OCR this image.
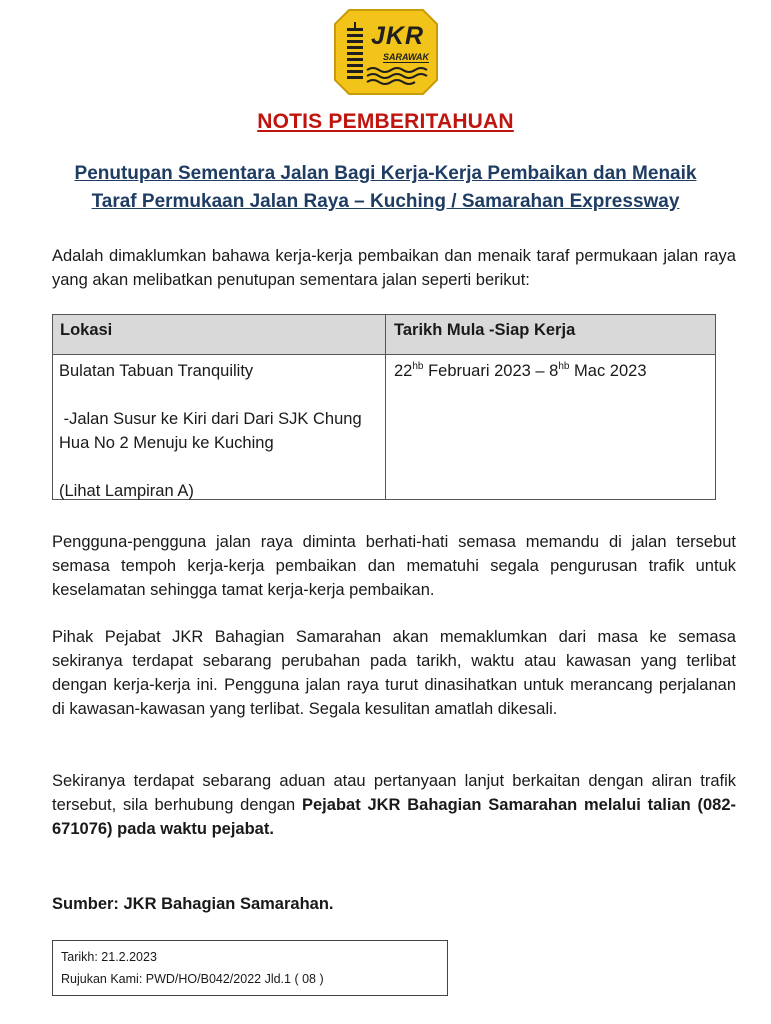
JKR
SARAWAK
NOTIS PEMBERITAHUAN
Penutupan Sementara Jalan Bagi Kerja-Kerja Pembaikan dan Menaik
Taraf Permukaan Jalan Raya – Kuching / Samarahan Expressway
Adalah dimaklumkan bahawa kerja-kerja pembaikan dan menaik taraf permukaan jalan raya yang akan melibatkan penutupan sementara jalan seperti berikut:
Lokasi	Tarikh Mula -Siap Kerja
Bulatan Tabuan Tranquility
-Jalan Susur ke Kiri dari Dari SJK Chung Hua No 2 Menuju ke Kuching
(Lihat Lampiran A)
$22^{hb}$ Februari $2023 - 8^{hb}$ Mac 2023
Pengguna-pengguna jalan raya diminta berhati-hati semasa memandu di jalan tersebut semasa tempoh kerja-kerja pembaikan dan mematuhi segala pengurusan trafik untuk keselamatan sehingga tamat kerja-kerja pembaikan.
Pihak Pejabat JKR Bahagian Samarahan akan memaklumkan dari masa ke semasa sekiranya terdapat sebarang perubahan pada tarikh, waktu atau kawasan yang terlibat dengan kerja-kerja ini. Pengguna jalan raya turut dinasihatkan untuk merancang perjalanan di kawasan-kawasan yang terlibat. Segala kesulitan amatlah dikesali.
Sekiranya terdapat sebarang aduan atau pertanyaan lanjut berkaitan dengan aliran trafik tersebut, sila berhubung dengan Pejabat JKR Bahagian Samarahan melalui talian (082-671076) pada waktu pejabat.
Sumber: JKR Bahagian Samarahan.
Tarikh: 21.2.2023
Rujukan Kami: PWD/HO/B042/2022 Jld.1 ( 08 )
